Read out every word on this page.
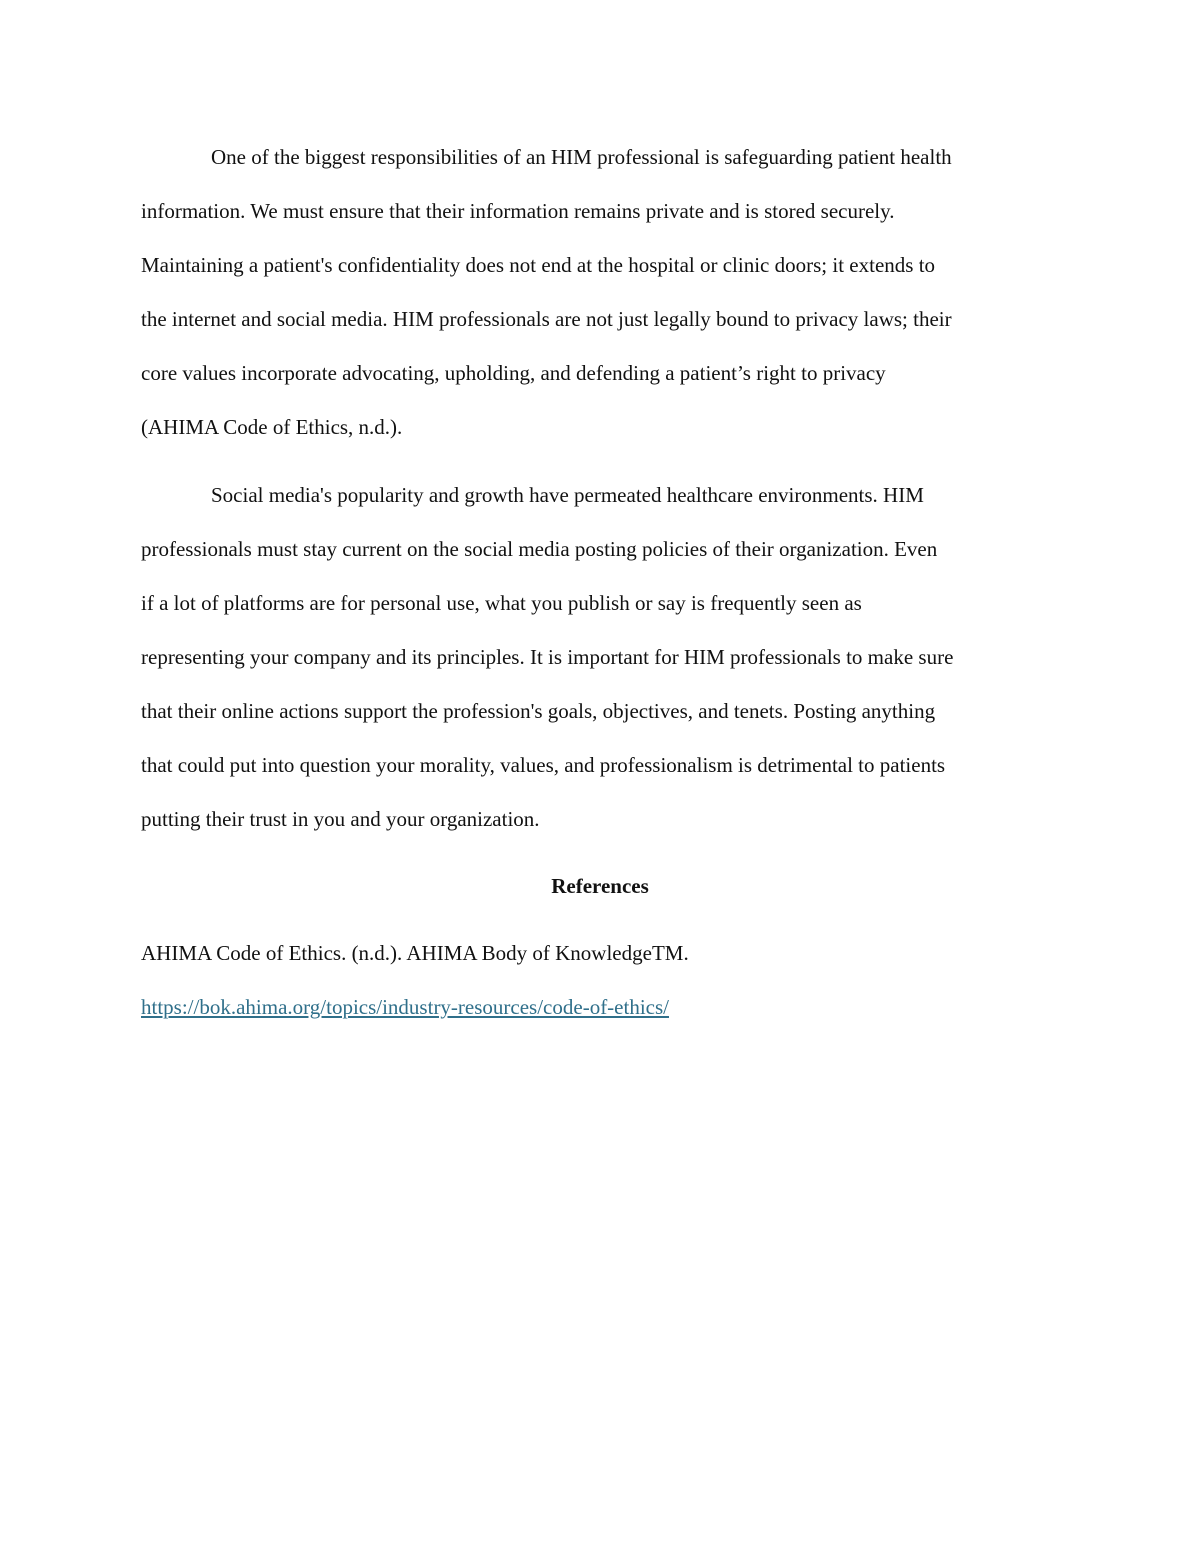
One of the biggest responsibilities of an HIM professional is safeguarding patient health
information. We must ensure that their information remains private and is stored securely.
Maintaining a patient's confidentiality does not end at the hospital or clinic doors; it extends to
the internet and social media. HIM professionals are not just legally bound to privacy laws; their
core values incorporate advocating, upholding, and defending a patient’s right to privacy
(AHIMA Code of Ethics, n.d.).

Social media's popularity and growth have permeated healthcare environments. HIM
professionals must stay current on the social media posting policies of their organization. Even
if a lot of platforms are for personal use, what you publish or say is frequently seen as
representing your company and its principles. It is important for HIM professionals to make sure
that their online actions support the profession's goals, objectives, and tenets. Posting anything
that could put into question your morality, values, and professionalism is detrimental to patients
putting their trust in you and your organization.

References
AHIMA Code of Ethics. (n.d.). AHIMA Body of KnowledgeTM.
https://bok.ahima.org/topics/industry-resources/code-of-ethics/
